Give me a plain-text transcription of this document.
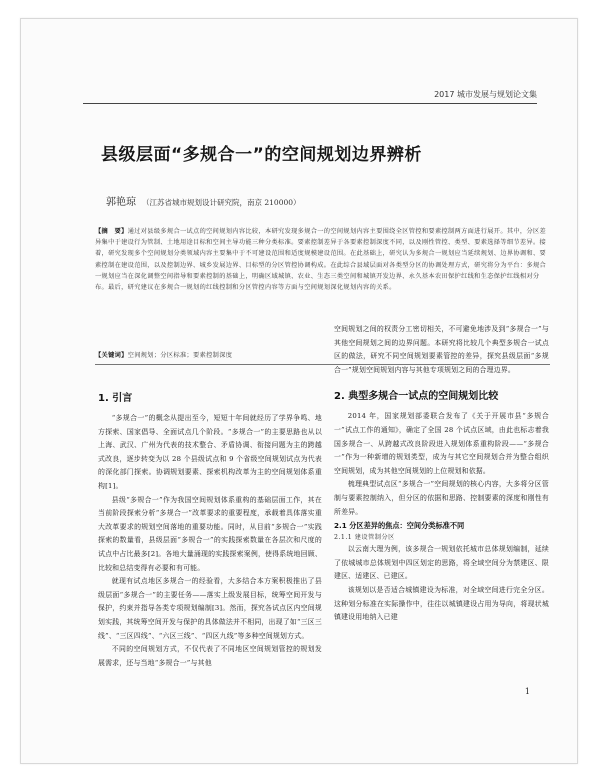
2017 城市发展与规划论文集
县级层面“多规合一”的空间规划边界辨析
郭艳琼 （江苏省城市规划设计研究院，南京 210000）
【摘　要】通过对县级多规合一试点的空间规划内容比较，本研究发现多规合一的空间规划内容主要围绕全区管控和要素控制两方面进行展开。其中，分区差异集中于建设行为管制、土地用途目标和空间主导功能三种分类标准。要素控制差异于各要素控制深度不同，以及刚性管控、类型、要素选择等细节差异。接着，研究发现多个空间规划分类领域内容主要集中于不可建设范围和适度规模建设范围。在此基础上，研究认为多规合一规划应当延续规划、边界协调和、要素控制在建设范围，以及控制边界、城乡发展边界、目标型的分区管控协调构成。在此综合县域层面对各类型分区的协调处理方式，研究将分为平台：多规合一规划应当在深化调整空间指导和要素控制的基础上，明确区域城镇、农业、生态三类空间和城镇开发边界、永久基本农田保护红线和生态保护红线相对分布。最后，研究建议在多规合一规划的红线控制和分区管控内容等方面与空间规划深化规划内容的关系。
【关键词】空间规划；分区标准；要素控制深度
1. 引言

“多规合一”的概念从提出至今，短短十年间就经历了学界争鸣、地方探索、国家倡导、全面试点几个阶段。“多规合一”的主要思路也从以上海、武汉、广州为代表的技术整合、矛盾协调、衔接问题为主的跨越式改良，逐步转变为以 28 个县级试点和 9 个省级空间规划试点为代表的深化部门探索。协调规划要素、探索机构改革为主的空间规划体系重构[1]。

县级“多规合一”作为我国空间规划体系重构的基础层面工作，其在当前阶段探索分析“多规合一”改革要求的重要程度，承载着具体落实重大改革要求的规划空间落地的重要功能。同时，从目前“多规合一”实践探索的数量看，县级层面“多规合一”的实践探索数量在各层次和尺度的试点中占比最多[2]。各地大量涌现的实践探索案例，使得系统地回顾、比较和总结变得有必要和有可能。

就现有试点地区多规合一的经验看，大多结合本方案积极推出了县级层面“多规合一”的主要任务——落实上级发展目标，统筹空间开发与保护，约束并指导各类专项规划编制[3]。然而，探究各试点区内空间规划实践，其统筹空间开发与保护的具体做法并不相同，出现了如“三区三线”、“三区四线”、“六区三线”、“四区九线”等多种空间规划方式。

不同的空间规划方式，不仅代表了不同地区空间规划管控的规划发展需求，还与当地“多规合一”与其他

空间规划之间的权责分工密切相关，不可避免地涉及到“多规合一”与其他空间规划之间的边界问题。本研究将比较几个典型多规合一试点区的做法，研究不同空间规划要素管控的差异，探究县级层面“多规合一”规划空间规划内容与其他专项规划之间的合理边界。

2. 典型多规合一试点的空间规划比较

2014 年，国家规划部委联合发布了《关于开展市县“多规合一”试点工作的通知》，确定了全国 28 个试点区域，由此也标志着我国多规合一、从跨越式改良阶段进入规划体系重构阶段——“多规合一”作为一种新增的规划类型，成为与其它空间规划合并为整合组织空间规划，成为其他空间规划的上位规划和依据。

梳理典型试点区“多规合一”空间规划的核心内容，大多将分区管制与要素控制纳入，但分区的依据和思路、控制要素的深度和刚性有所差异。

2.1 分区差异的焦点：空间分类标准不同
2.1.1 建设管制分区

以云南大理为例，该多规合一规划依托城市总体规划编制，延续了依城城市总体规划中四区划定的思路，将全域空间分为禁建区、限建区、适建区、已建区。

该规划以是否适合城镇建设为标准，对全域空间进行完全分区。这种划分标准在实际操作中，往往以城镇建设占用为导向，将现状城镇建设用地纳入已建

1
